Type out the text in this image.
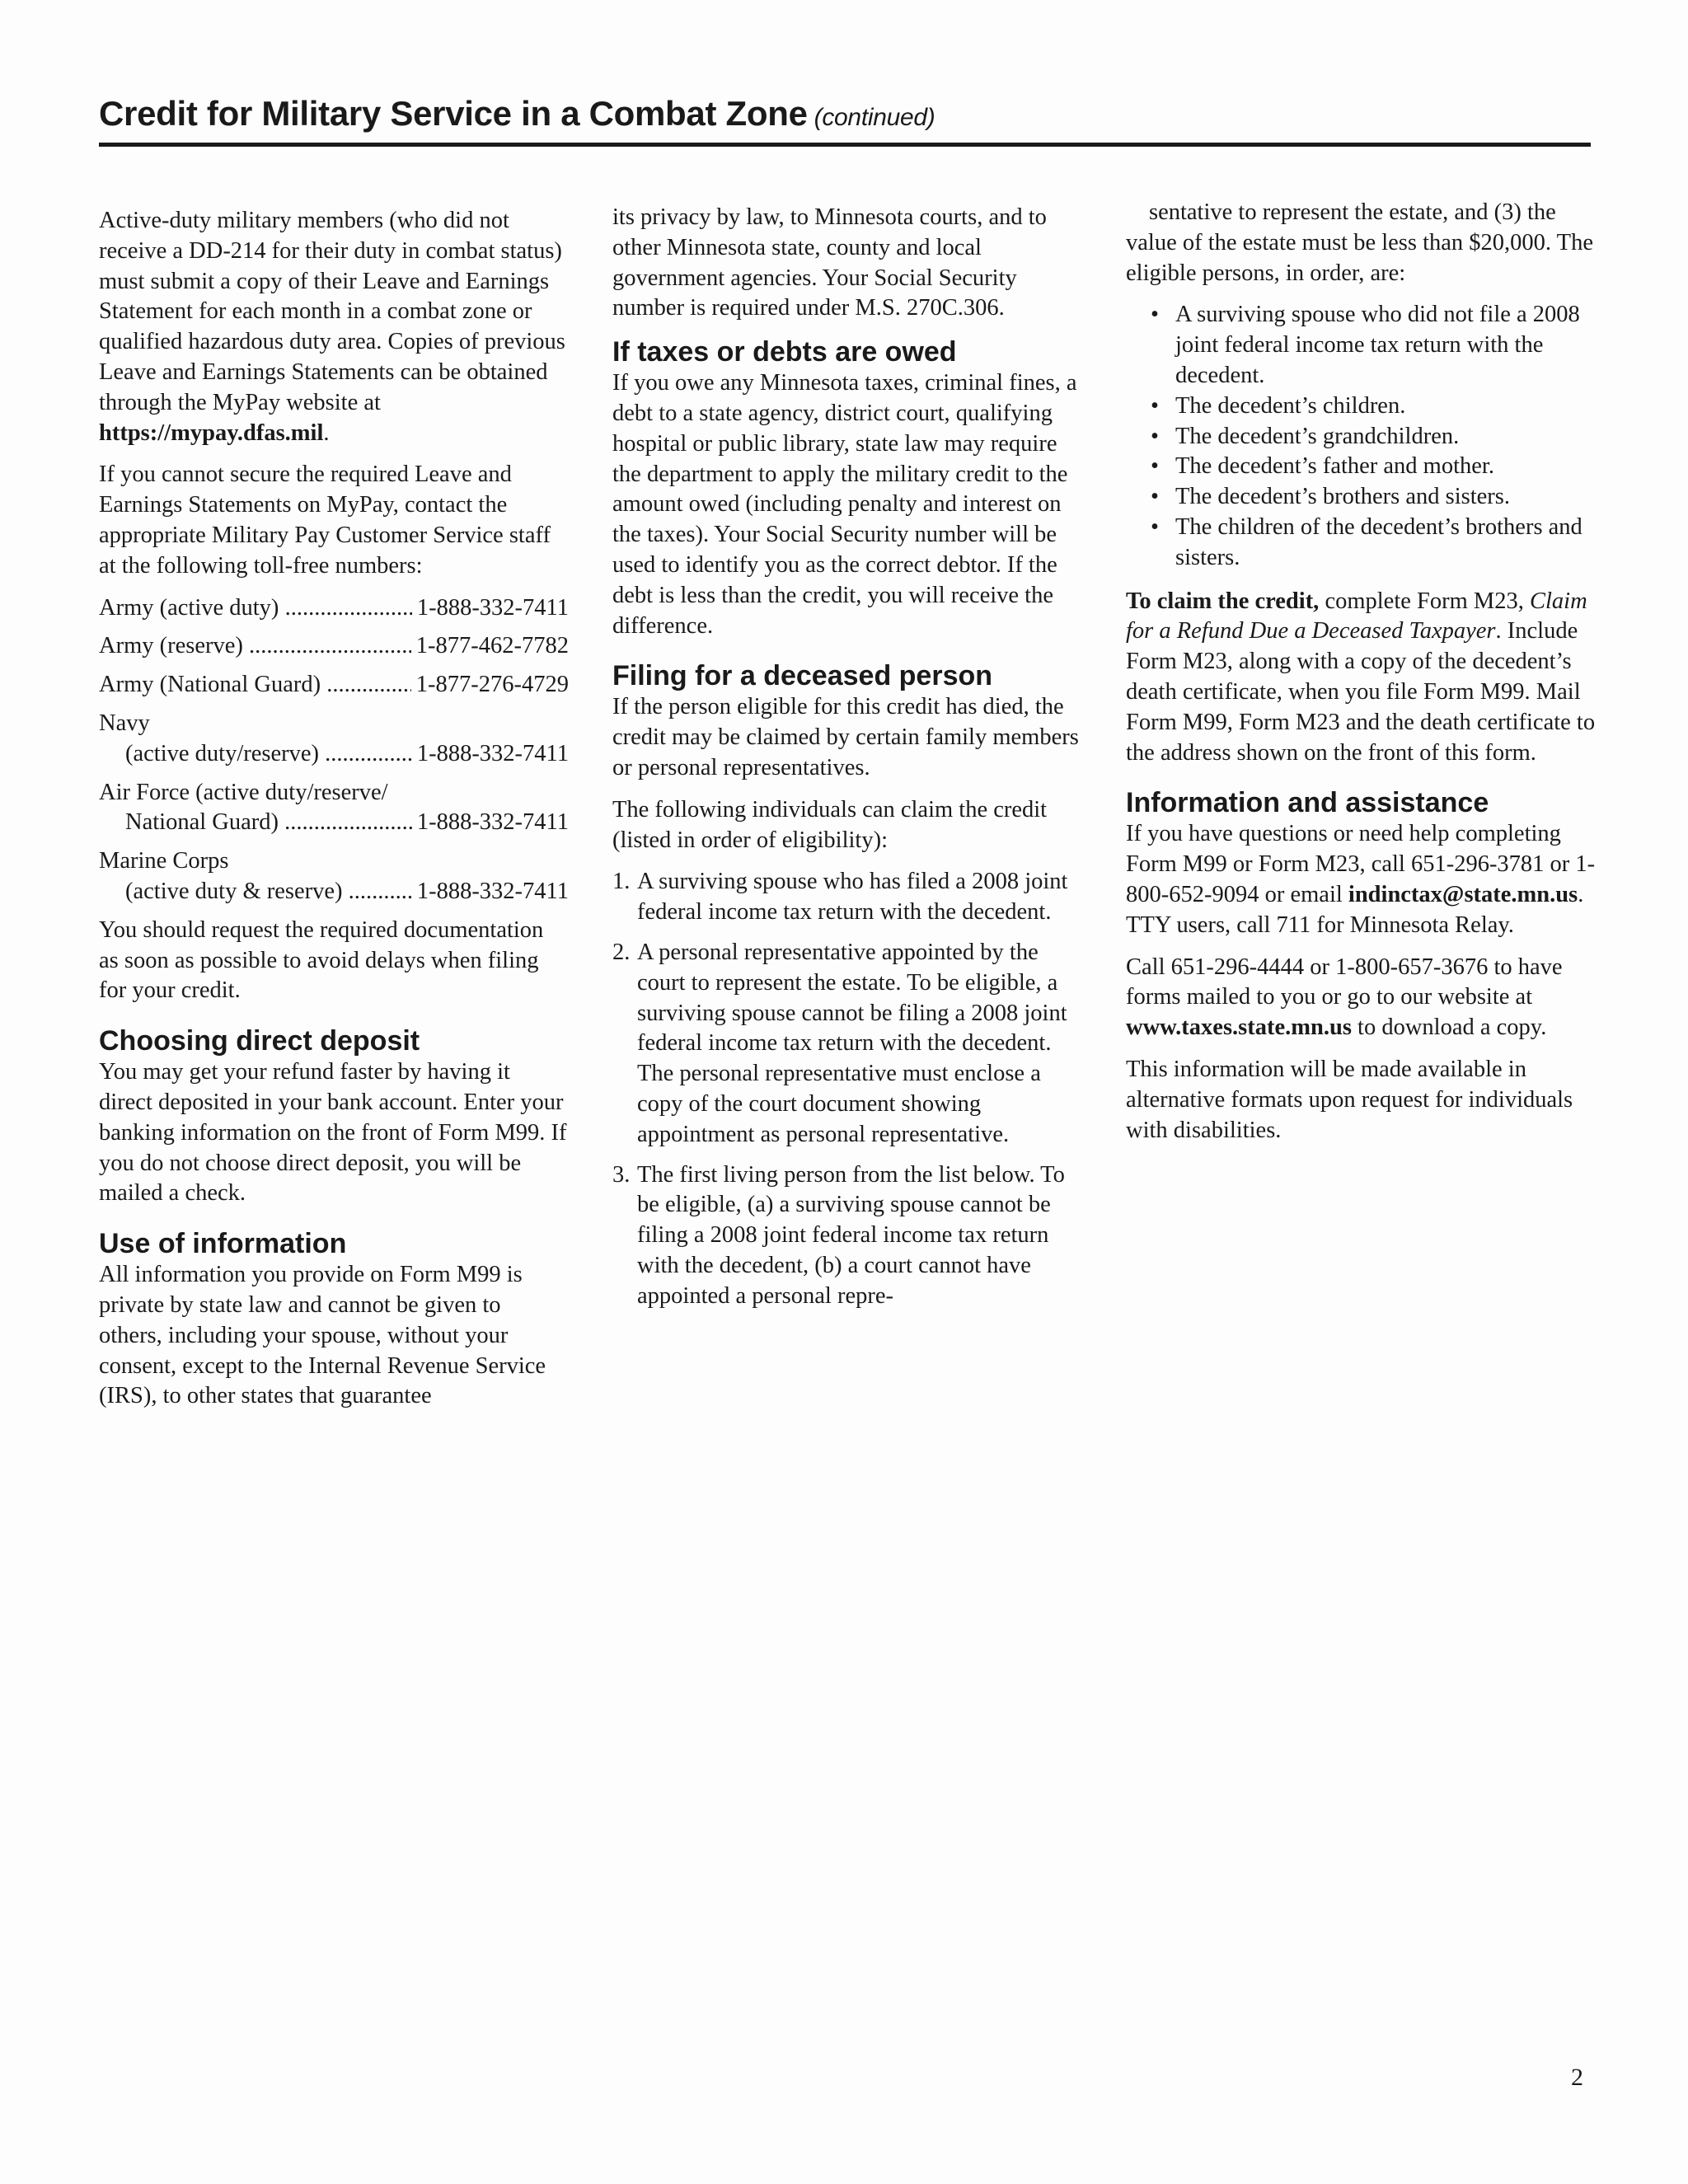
Credit for Military Service in a Combat Zone (continued)

Active-duty military members (who did not receive a DD-214 for their duty in combat status) must submit a copy of their Leave and Earnings Statement for each month in a combat zone or qualified hazardous duty area. Copies of previous Leave and Earnings Statements can be obtained through the MyPay website at https://mypay.dfas.mil.

If you cannot secure the required Leave and Earnings Statements on MyPay, contact the appropriate Military Pay Customer Service staff at the following toll-free numbers:

Army (active duty) .....	1-888-332-7411
Army (reserve) .....	1-877-462-7782
Army (National Guard) .....	1-877-276-4729
Navy
(active duty/reserve) .....	1-888-332-7411
Air Force (active duty/reserve/
National Guard) .....	1-888-332-7411
Marine Corps
(active duty & reserve) .....	1-888-332-7411

You should request the required documentation as soon as possible to avoid delays when filing for your credit.

Choosing direct deposit

You may get your refund faster by having it direct deposited in your bank account. Enter your banking information on the front of Form M99. If you do not choose direct deposit, you will be mailed a check.

Use of information

All information you provide on Form M99 is private by state law and cannot be given to others, including your spouse, without your consent, except to the Internal Revenue Service (IRS), to other states that guarantee

its privacy by law, to Minnesota courts, and to other Minnesota state, county and local government agencies. Your Social Security number is required under M.S. 270C.306.

If taxes or debts are owed

If you owe any Minnesota taxes, criminal fines, a debt to a state agency, district court, qualifying hospital or public library, state law may require the department to apply the military credit to the amount owed (including penalty and interest on the taxes). Your Social Security number will be used to identify you as the correct debtor. If the debt is less than the credit, you will receive the difference.

Filing for a deceased person

If the person eligible for this credit has died, the credit may be claimed by certain family members or personal representatives.

The following individuals can claim the credit (listed in order of eligibility):

1. A surviving spouse who has filed a 2008 joint federal income tax return with the decedent.
2. A personal representative appointed by the court to represent the estate. To be eligible, a surviving spouse cannot be filing a 2008 joint federal income tax return with the decedent. The personal representative must enclose a copy of the court document showing appointment as personal representative.
3. The first living person from the list below. To be eligible, (a) a surviving spouse cannot be filing a 2008 joint federal income tax return with the decedent, (b) a court cannot have appointed a personal repre-

sentative to represent the estate, and (3) the value of the estate must be less than $20,000. The eligible persons, in order, are:

• A surviving spouse who did not file a 2008 joint federal income tax return with the decedent.
• The decedent’s children.
• The decedent’s grandchildren.
• The decedent’s father and mother.
• The decedent’s brothers and sisters.
• The children of the decedent’s brothers and sisters.

To claim the credit, complete Form M23, Claim for a Refund Due a Deceased Taxpayer. Include Form M23, along with a copy of the decedent’s death certificate, when you file Form M99. Mail Form M99, Form M23 and the death certificate to the address shown on the front of this form.

Information and assistance

If you have questions or need help completing Form M99 or Form M23, call 651-296-3781 or 1-800-652-9094 or email indinctax@state.mn.us. TTY users, call 711 for Minnesota Relay.

Call 651-296-4444 or 1-800-657-3676 to have forms mailed to you or go to our website at www.taxes.state.mn.us to download a copy.

This information will be made available in alternative formats upon request for individuals with disabilities.

2
